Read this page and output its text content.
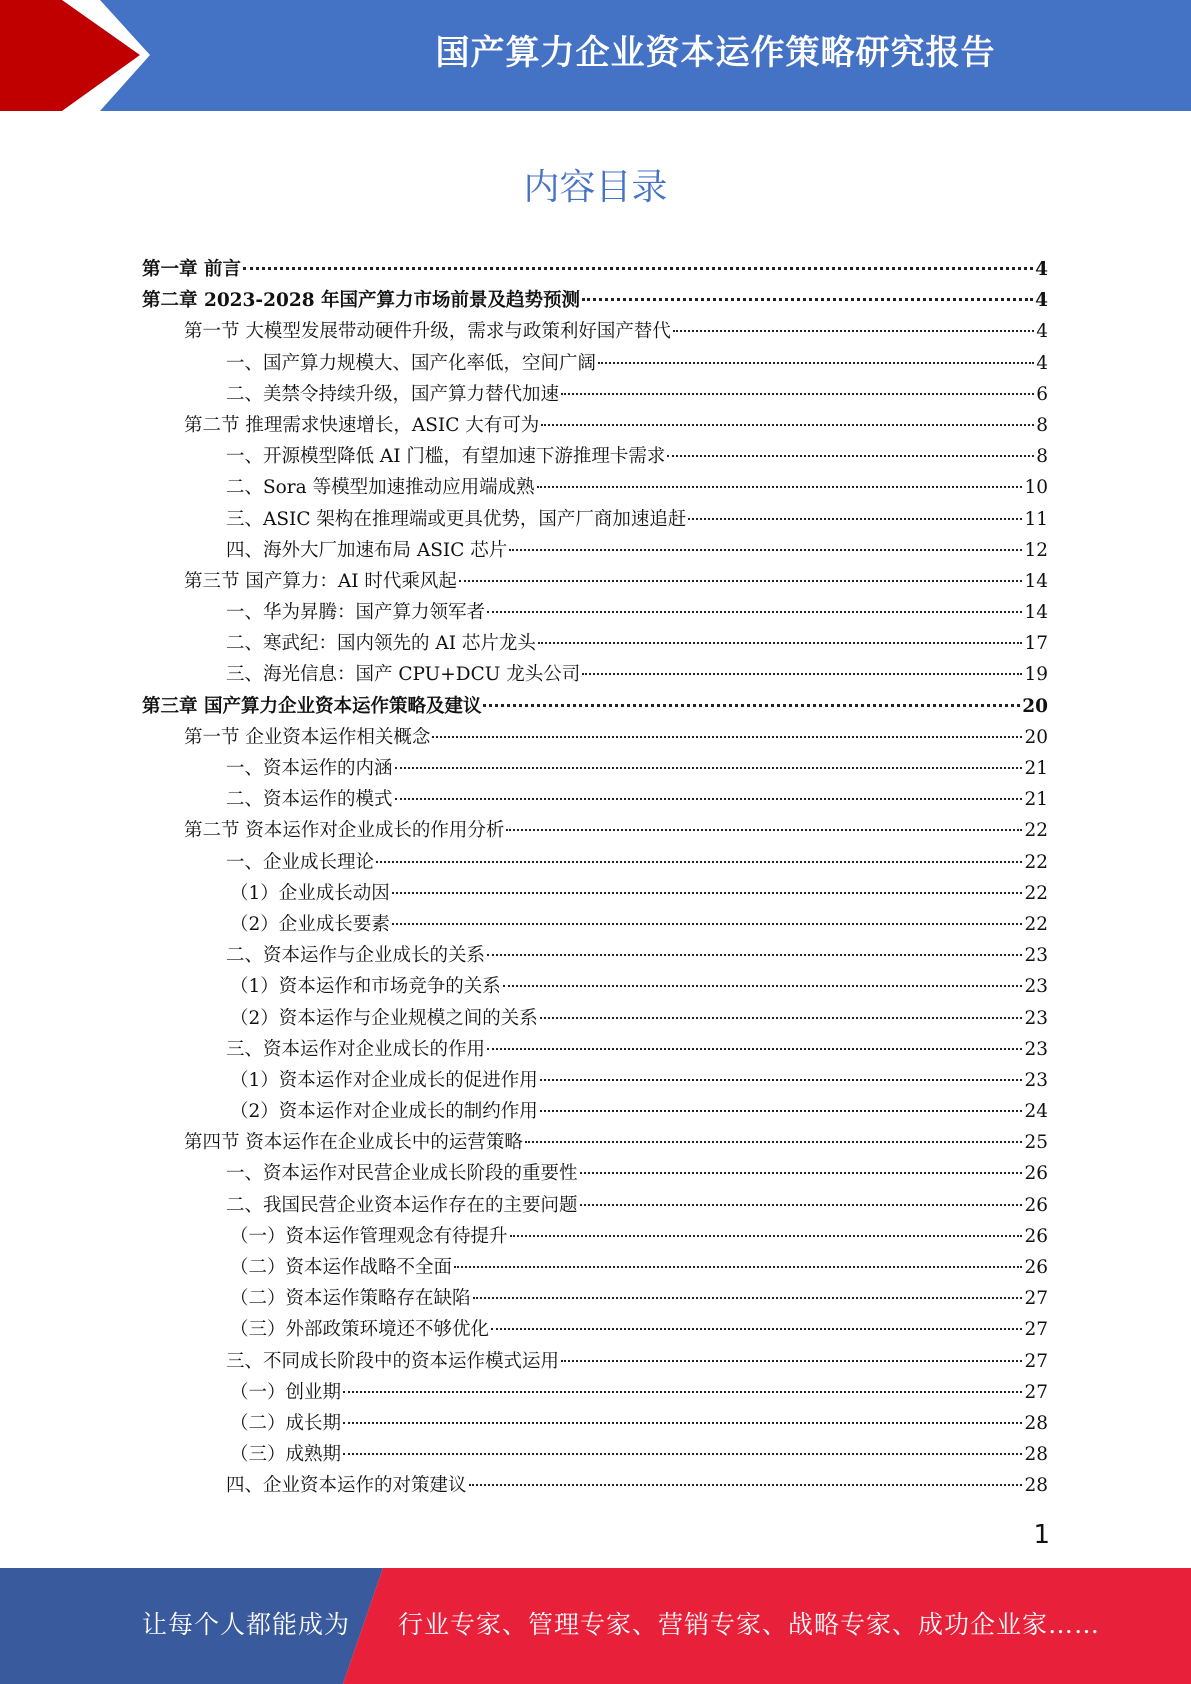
国产算力企业资本运作策略研究报告
内容目录
第一章 前言	4
第二章 2023-2028 年国产算力市场前景及趋势预测	4
第一节 大模型发展带动硬件升级，需求与政策利好国产替代	4
一、国产算力规模大、国产化率低，空间广阔	4
二、美禁令持续升级，国产算力替代加速	6
第二节 推理需求快速增长，ASIC 大有可为	8
一、开源模型降低 AI 门槛，有望加速下游推理卡需求	8
二、Sora 等模型加速推动应用端成熟	10
三、ASIC 架构在推理端或更具优势，国产厂商加速追赶	11
四、海外大厂加速布局 ASIC 芯片	12
第三节 国产算力：AI 时代乘风起	14
一、华为昇腾：国产算力领军者	14
二、寒武纪：国内领先的 AI 芯片龙头	17
三、海光信息：国产 CPU+DCU 龙头公司	19
第三章 国产算力企业资本运作策略及建议	20
第一节 企业资本运作相关概念	20
一、资本运作的内涵	21
二、资本运作的模式	21
第二节 资本运作对企业成长的作用分析	22
一、企业成长理论	22
（1）企业成长动因	22
（2）企业成长要素	22
二、资本运作与企业成长的关系	23
（1）资本运作和市场竞争的关系	23
（2）资本运作与企业规模之间的关系	23
三、资本运作对企业成长的作用	23
（1）资本运作对企业成长的促进作用	23
（2）资本运作对企业成长的制约作用	24
第四节 资本运作在企业成长中的运营策略	25
一、资本运作对民营企业成长阶段的重要性	26
二、我国民营企业资本运作存在的主要问题	26
（一）资本运作管理观念有待提升	26
（二）资本运作战略不全面	26
（二）资本运作策略存在缺陷	27
（三）外部政策环境还不够优化	27
三、不同成长阶段中的资本运作模式运用	27
（一）创业期	27
（二）成长期	28
（三）成熟期	28
四、企业资本运作的对策建议	28
1
让每个人都能成为 行业专家、管理专家、营销专家、战略专家、成功企业家……
